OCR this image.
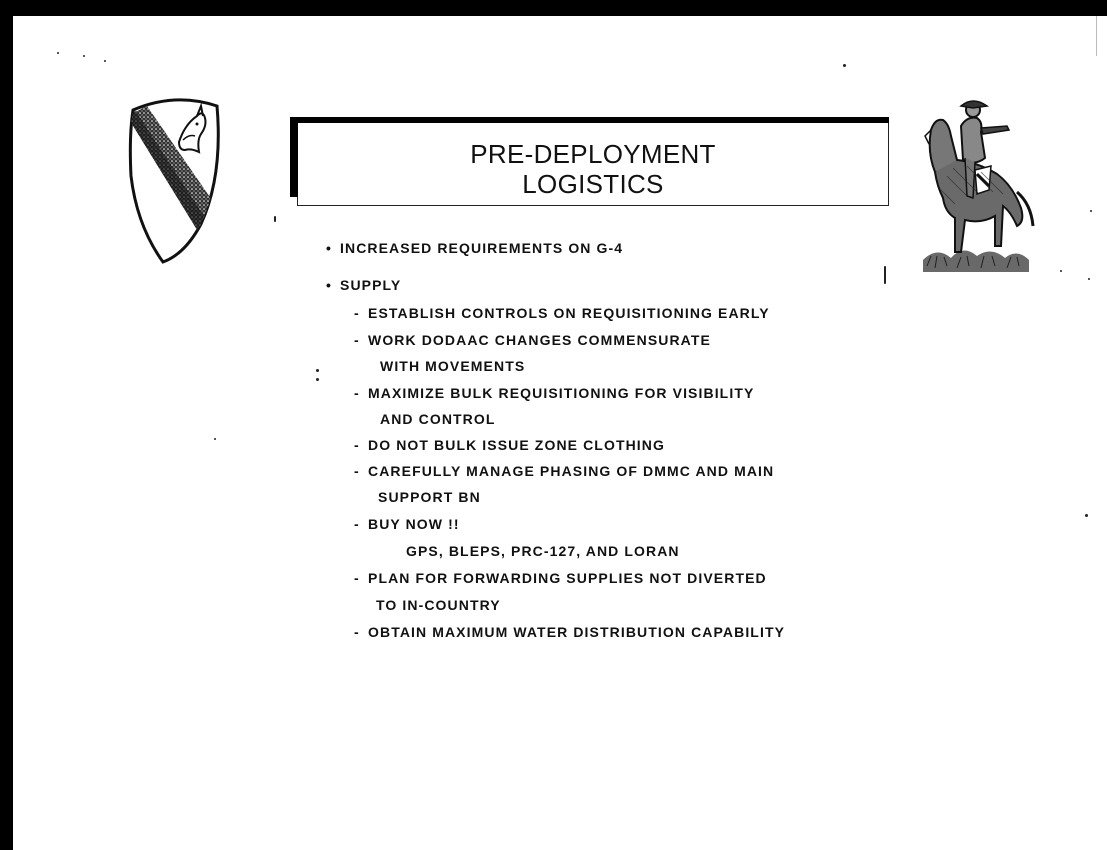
PRE-DEPLOYMENT
LOGISTICS
• INCREASED REQUIREMENTS ON G-4
• SUPPLY
- ESTABLISH CONTROLS ON REQUISITIONING EARLY
- WORK DODAAC CHANGES COMMENSURATE
WITH MOVEMENTS
- MAXIMIZE BULK REQUISITIONING FOR VISIBILITY
AND CONTROL
- DO NOT BULK ISSUE ZONE CLOTHING
- CAREFULLY MANAGE PHASING OF DMMC AND MAIN
SUPPORT BN
- BUY NOW !!
GPS, BLEPS, PRC-127, AND LORAN
- PLAN FOR FORWARDING SUPPLIES NOT DIVERTED
TO IN-COUNTRY
- OBTAIN MAXIMUM WATER DISTRIBUTION CAPABILITY
